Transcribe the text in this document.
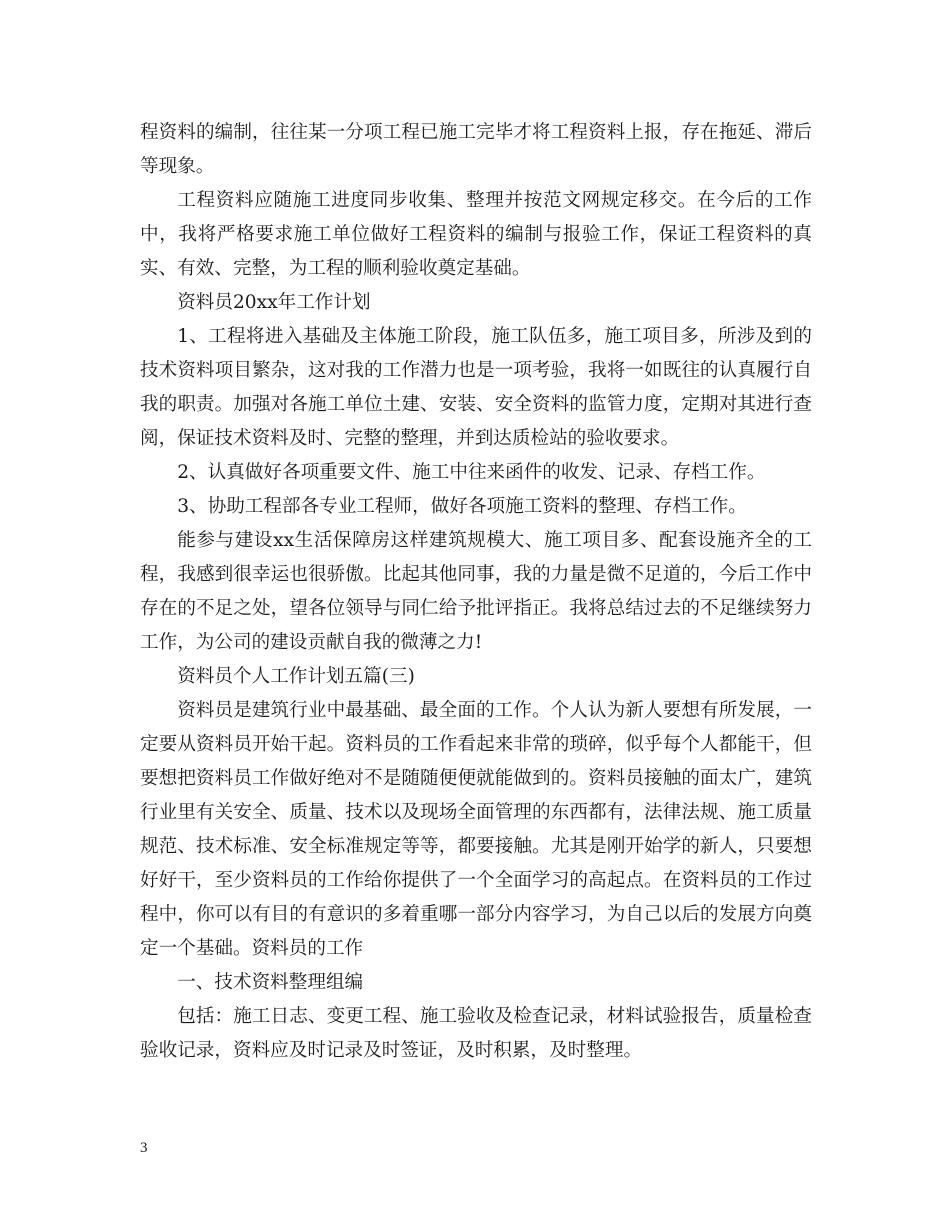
程资料的编制，往往某一分项工程已施工完毕才将工程资料上报，存在拖延、滞后等现象。

工程资料应随施工进度同步收集、整理并按范文网规定移交。在今后的工作中，我将严格要求施工单位做好工程资料的编制与报验工作，保证工程资料的真实、有效、完整，为工程的顺利验收奠定基础。

资料员20xx年工作计划

1、工程将进入基础及主体施工阶段，施工队伍多，施工项目多，所涉及到的技术资料项目繁杂，这对我的工作潜力也是一项考验，我将一如既往的认真履行自我的职责。加强对各施工单位土建、安装、安全资料的监管力度，定期对其进行查阅，保证技术资料及时、完整的整理，并到达质检站的验收要求。

2、认真做好各项重要文件、施工中往来函件的收发、记录、存档工作。

3、协助工程部各专业工程师，做好各项施工资料的整理、存档工作。

能参与建设xx生活保障房这样建筑规模大、施工项目多、配套设施齐全的工程，我感到很幸运也很骄傲。比起其他同事，我的力量是微不足道的，今后工作中存在的不足之处，望各位领导与同仁给予批评指正。我将总结过去的不足继续努力工作，为公司的建设贡献自我的微薄之力!

资料员个人工作计划五篇(三)

资料员是建筑行业中最基础、最全面的工作。个人认为新人要想有所发展，一定要从资料员开始干起。资料员的工作看起来非常的琐碎，似乎每个人都能干，但要想把资料员工作做好绝对不是随随便便就能做到的。资料员接触的面太广，建筑行业里有关安全、质量、技术以及现场全面管理的东西都有，法律法规、施工质量规范、技术标准、安全标准规定等等，都要接触。尤其是刚开始学的新人，只要想好好干，至少资料员的工作给你提供了一个全面学习的高起点。在资料员的工作过程中，你可以有目的有意识的多着重哪一部分内容学习，为自己以后的发展方向奠定一个基础。资料员的工作

一、技术资料整理组编

包括：施工日志、变更工程、施工验收及检查记录，材料试验报告，质量检查验收记录，资料应及时记录及时签证，及时积累，及时整理。

3
